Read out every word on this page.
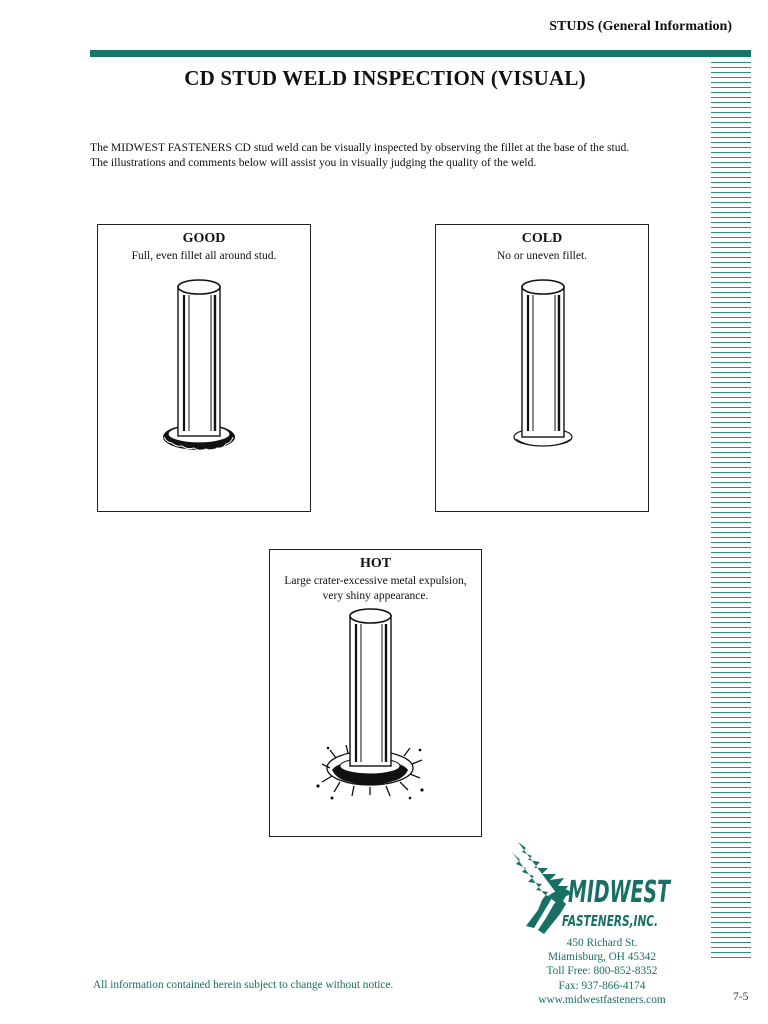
STUDS (General Information)
CD STUD WELD INSPECTION (VISUAL)

The MIDWEST FASTENERS CD stud weld can be visually inspected by observing the fillet at the base of the stud.

The illustrations and comments below will assist you in visually judging the quality of the weld.

GOOD
Full, even fillet all around stud.
COLD
No or uneven fillet.
HOT
Large crater-excessive metal expulsion,
very shiny appearance.
MIDWEST
FASTENERS,INC.
450 Richard St.
Miamisburg, OH 45342
Toll Free: 800-852-8352
Fax: 937-866-4174
www.midwestfasteners.com
All information contained herein subject to change without notice.
7-5
